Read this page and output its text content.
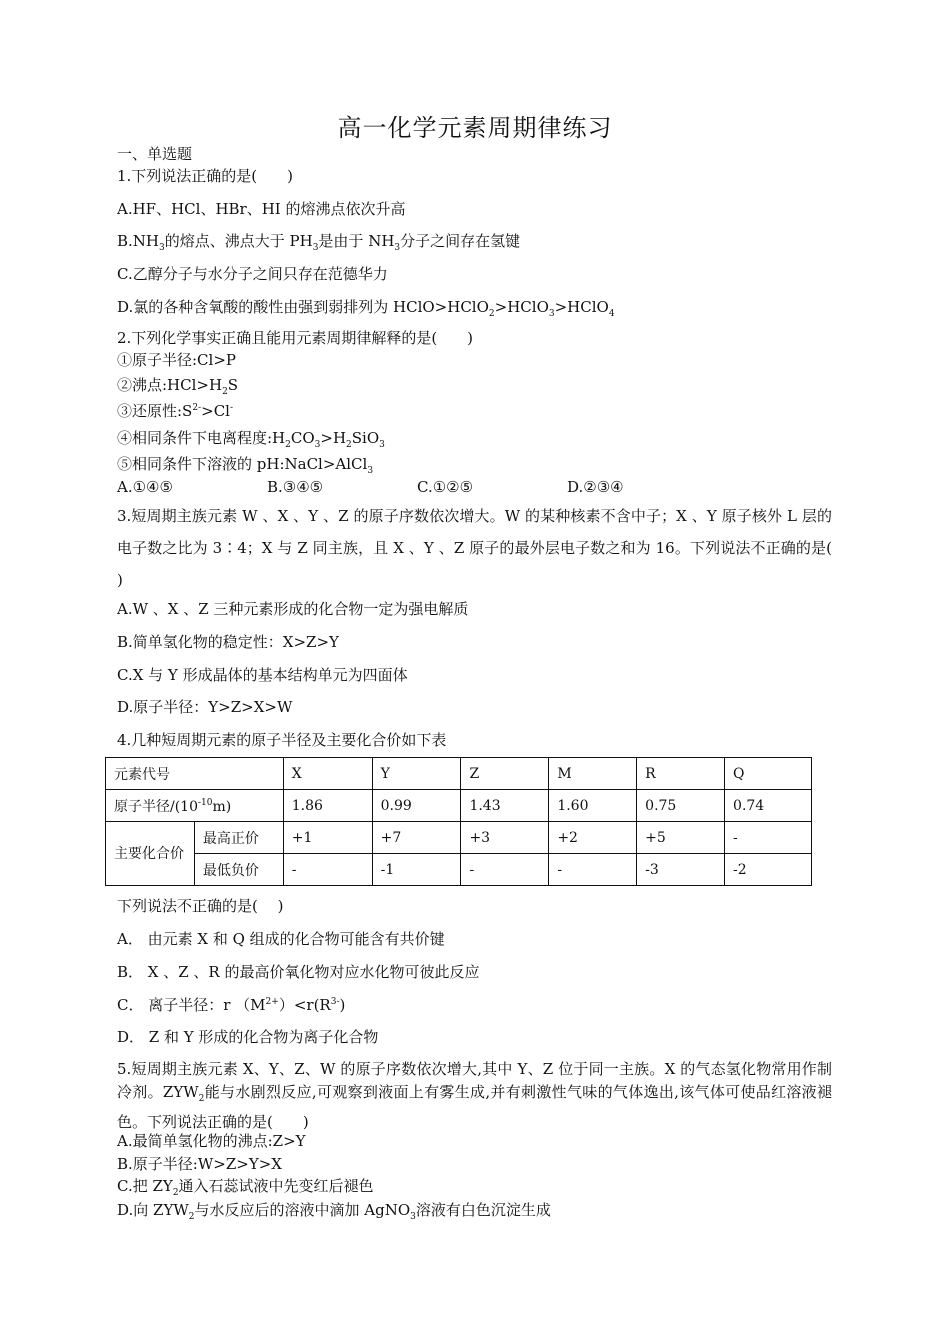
高一化学元素周期律练习
一、单选题
1.下列说法正确的是(　　)
A.HF、HCl、HBr、HI 的熔沸点依次升高
$B.NH_3$的熔点、沸点大于 $PH_3$是由于 $NH_3$分子之间存在氢键
C.乙醇分子与水分子之间只存在范德华力
D.氯的各种含氧酸的酸性由强到弱排列为 HClO>HClO$_2$>HClO$_3$>HClO$_4$
2.下列化学事实正确且能用元素周期律解释的是(　　)
①原子半径:Cl>P
②沸点$:HCl>H_2S$
③还原性$:S^{2-}>Cl^-$
④相同条件下电离程度$:H_2CO_3>H_2SiO_3$
⑤相同条件下溶液的 pH:NaCl>AlCl$_3$
A.①④⑤	B.③④⑤	C.①②⑤	D.②③④
3.短周期主族元素 W 、X 、Y 、Z 的原子序数依次增大。W 的某种核素不含中子；X 、Y 原子核外 L 层的电子数之比为 3∶4；X 与 Z 同主族，且 X 、Y 、Z 原子的最外层电子数之和为 16。下列说法不正确的是(　 )
A.W 、X 、Z 三种元素形成的化合物一定为强电解质
B.简单氢化物的稳定性：X>Z>Y
C.X 与 Y 形成晶体的基本结构单元为四面体
D.原子半径：Y>Z>X>W
4.几种短周期元素的原子半径及主要化合价如下表
元素代号		X	Y	Z	M	R	Q
原子半径$/(10^{-10}m)$		1.86	0.99	1.43	1.60	0.75	0.74
主要化合价	最高正价	+1	+7	+3	+2	+5	-
	最低负价	-	-1	-	-	-3	-2
下列说法不正确的是(　 )
A． 由元素 X 和 Q 组成的化合物可能含有共价键
B． X 、Z 、R 的最高价氧化物对应水化物可彼此反应
C． 离子半径：r $(M^{2+})<r(R^{3-})$
D． Z 和 Y 形成的化合物为离子化合物
5.短周期主族元素 X、Y、Z、W 的原子序数依次增大,其中 Y、Z 位于同一主族。X 的气态氢化物常用作制冷剂。$ZYW_2$能与水剧烈反应,可观察到液面上有雾生成,并有刺激性气味的气体逸出,该气体可使品红溶液褪色。下列说法正确的是(　　)
A.最简单氢化物的沸点:Z>Y
B.原子半径:W>Z>Y>X
C.把 $ZY_2$通入石蕊试液中先变红后褪色
D.向 $ZYW_2$与水反应后的溶液中滴加 AgNO$_3$溶液有白色沉淀生成
